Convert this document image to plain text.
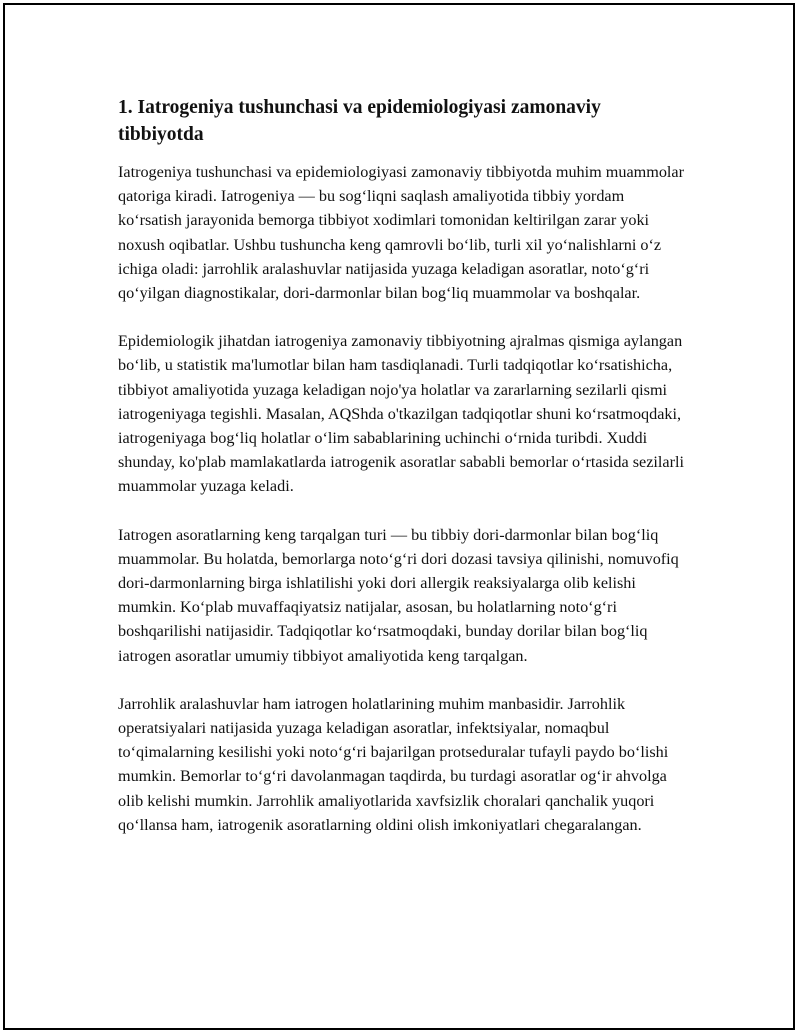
1. Iatrogeniya tushunchasi va epidemiologiyasi zamonaviy tibbiyotda

Iatrogeniya tushunchasi va epidemiologiyasi zamonaviy tibbiyotda muhim muammolar qatoriga kiradi. Iatrogeniya — bu sog‘liqni saqlash amaliyotida tibbiy yordam ko‘rsatish jarayonida bemorga tibbiyot xodimlari tomonidan keltirilgan zarar yoki noxush oqibatlar. Ushbu tushuncha keng qamrovli bo‘lib, turli xil yo‘nalishlarni o‘z ichiga oladi: jarrohlik aralashuvlar natijasida yuzaga keladigan asoratlar, noto‘g‘ri qo‘yilgan diagnostikalar, dori-darmonlar bilan bog‘liq muammolar va boshqalar.

Epidemiologik jihatdan iatrogeniya zamonaviy tibbiyotning ajralmas qismiga aylangan bo‘lib, u statistik ma'lumotlar bilan ham tasdiqlanadi. Turli tadqiqotlar ko‘rsatishicha, tibbiyot amaliyotida yuzaga keladigan nojo'ya holatlar va zararlarning sezilarli qismi iatrogeniyaga tegishli. Masalan, AQShda o'tkazilgan tadqiqotlar shuni ko‘rsatmoqdaki, iatrogeniyaga bog‘liq holatlar o‘lim sabablarining uchinchi o‘rnida turibdi. Xuddi shunday, ko'plab mamlakatlarda iatrogenik asoratlar sababli bemorlar o‘rtasida sezilarli muammolar yuzaga keladi.

Iatrogen asoratlarning keng tarqalgan turi — bu tibbiy dori-darmonlar bilan bog‘liq muammolar. Bu holatda, bemorlarga noto‘g‘ri dori dozasi tavsiya qilinishi, nomuvofiq dori-darmonlarning birga ishlatilishi yoki dori allergik reaksiyalarga olib kelishi mumkin. Ko‘plab muvaffaqiyatsiz natijalar, asosan, bu holatlarning noto‘g‘ri boshqarilishi natijasidir. Tadqiqotlar ko‘rsatmoqdaki, bunday dorilar bilan bog‘liq iatrogen asoratlar umumiy tibbiyot amaliyotida keng tarqalgan.

Jarrohlik aralashuvlar ham iatrogen holatlarining muhim manbasidir. Jarrohlik operatsiyalari natijasida yuzaga keladigan asoratlar, infektsiyalar, nomaqbul to‘qimalarning kesilishi yoki noto‘g‘ri bajarilgan protseduralar tufayli paydo bo‘lishi mumkin. Bemorlar to‘g‘ri davolanmagan taqdirda, bu turdagi asoratlar og‘ir ahvolga olib kelishi mumkin. Jarrohlik amaliyotlarida xavfsizlik choralari qanchalik yuqori qo‘llansa ham, iatrogenik asoratlarning oldini olish imkoniyatlari chegaralangan.
